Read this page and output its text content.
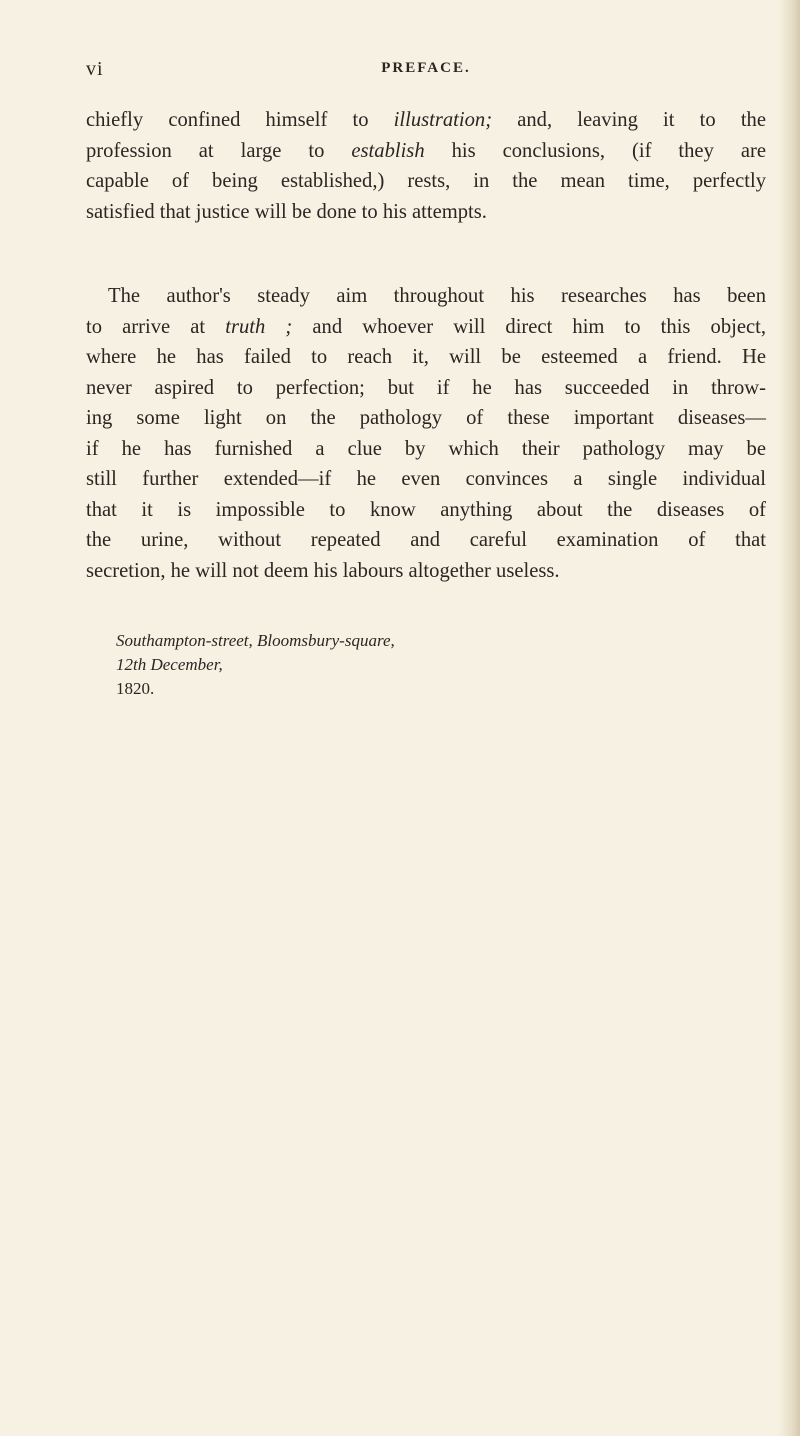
vi	PREFACE.

chiefly confined himself to illustration; and, leaving it to the
profession at large to establish his conclusions, (if they are
capable of being established,) rests, in the mean time, perfectly
satisfied that justice will be done to his attempts.

The author's steady aim throughout his researches has been
to arrive at truth ; and whoever will direct him to this object,
where he has failed to reach it, will be esteemed a friend. He
never aspired to perfection; but if he has succeeded in throw-
ing some light on the pathology of these important diseases—
if he has furnished a clue by which their pathology may be
still further extended—if he even convinces a single individual
that it is impossible to know anything about the diseases of
the urine, without repeated and careful examination of that
secretion, he will not deem his labours altogether useless.

Southampton-street, Bloomsbury-square,
12th December,
1820.
